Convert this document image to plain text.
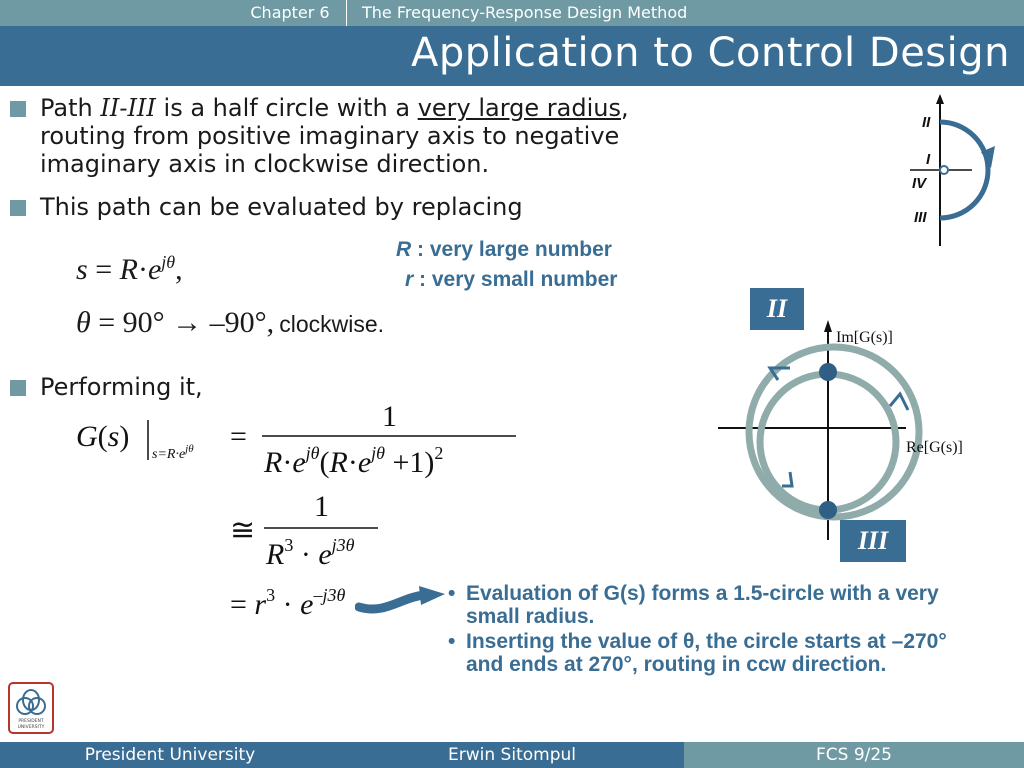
Chapter 6	The Frequency-Response Design Method
Application to Control Design
Path II-III is a half circle with a very large radius,
routing from positive imaginary axis to negative
imaginary axis in clockwise direction.
This path can be evaluated by replacing
$s = R\cdot e^{j\theta}$,
θ = 90° → –90°, clockwise.
R : very large number
r : very small number
Performing it,
G(s)
$s=R\cdot e^{j\theta}$ =
1
$R\cdot e^{j\theta}(R\cdot e^{j\theta} +1)^2$
≅
1
$R^3 \cdot e^{j3\theta}$
= $r^3 \cdot e^-j3\theta$
•	Evaluation of G(s) forms a 1.5-circle with a very small radius.
• Inserting the value of θ, the circle starts at –270° and ends at 270°, routing in ccw direction.
II
I
IV
III
II
Im[G(s)]
Re[G(s)]
III
PRESIDENT
UNIVERSITY
President University	Erwin Sitompul	FCS 9/25
